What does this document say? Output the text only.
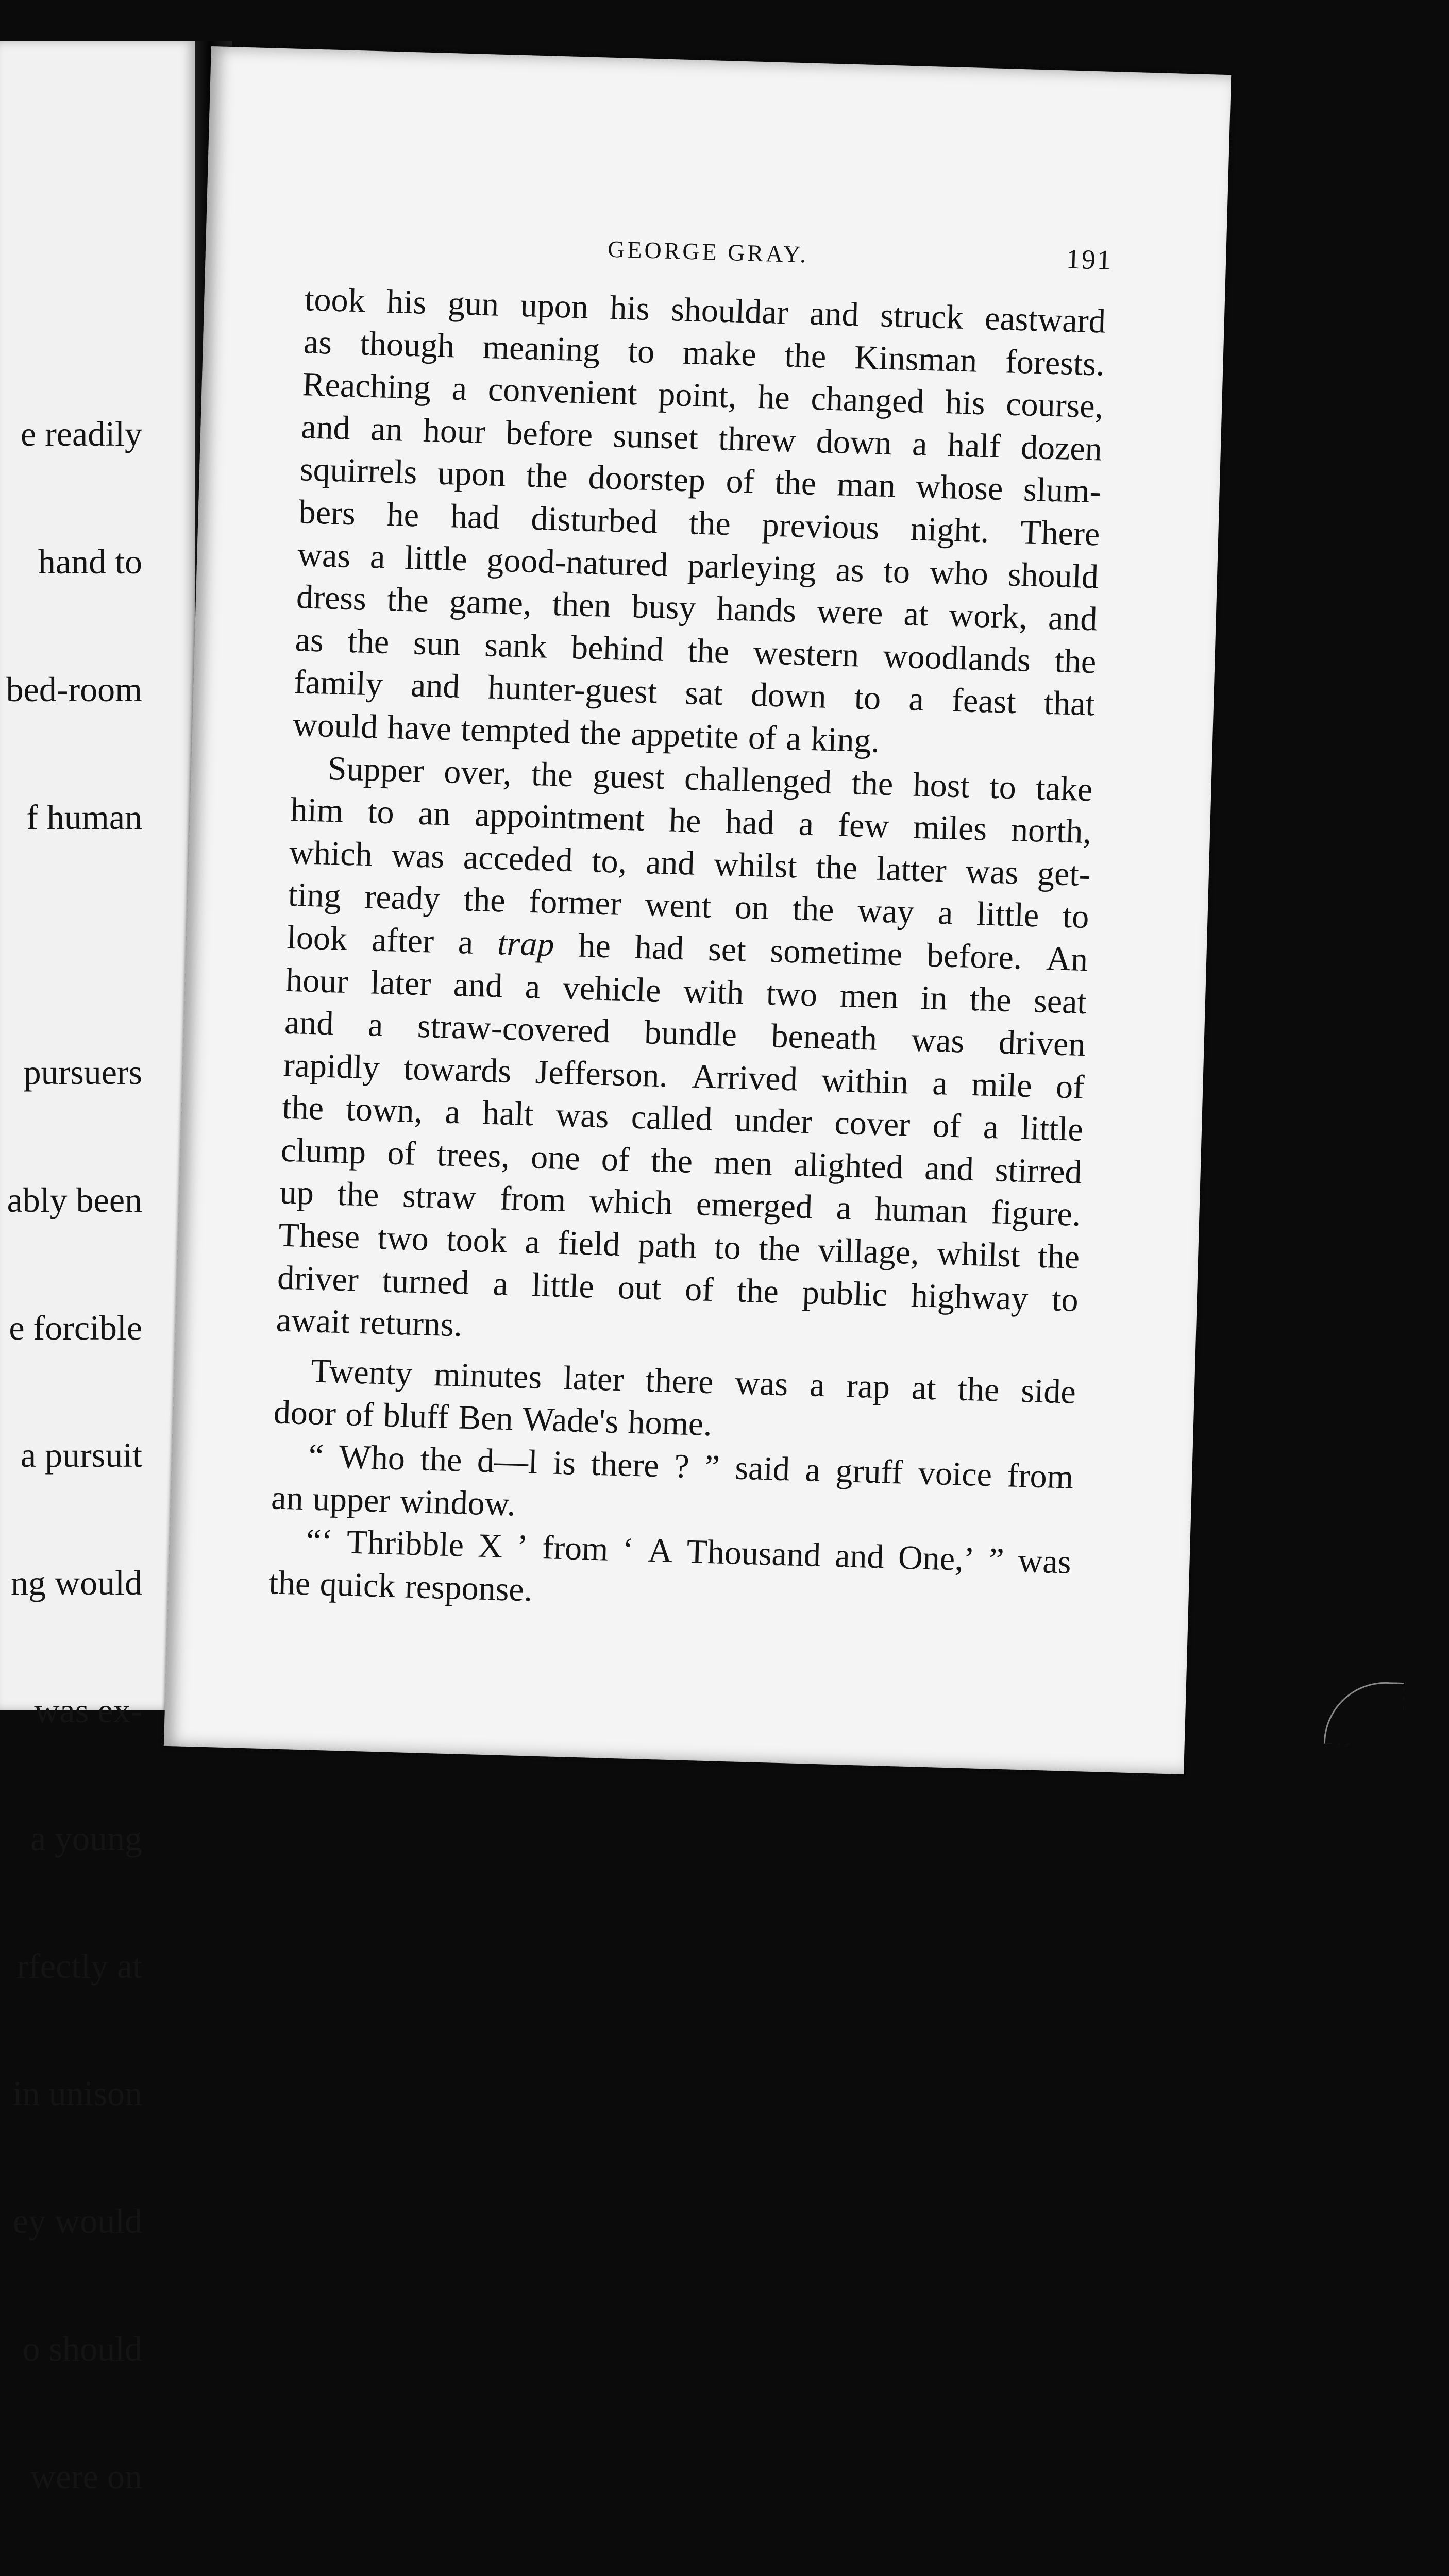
e readily

hand to

bed-room

f human

pursuers

ably been

e forcible

a pursuit

ng would

was ex-

a young

rfectly at

in unison

ey would

o should

were on

GEORGE GRAY.	191
took his gun upon his shouldar and struck eastward
as though meaning to make the Kinsman forests.
Reaching a convenient point, he changed his course,
and an hour before sunset threw down a half dozen
squirrels upon the doorstep of the man whose slum-
bers he had disturbed the previous night. There
was a little good-natured parleying as to who should
dress the game, then busy hands were at work, and
as the sun sank behind the western woodlands the
family and hunter-guest sat down to a feast that
would have tempted the appetite of a king.
Supper over, the guest challenged the host to take
him to an appointment he had a few miles north,
which was acceded to, and whilst the latter was get-
ting ready the former went on the way a little to
look after a trap he had set sometime before. An
hour later and a vehicle with two men in the seat
and a straw-covered bundle beneath was driven
rapidly towards Jefferson. Arrived within a mile of
the town, a halt was called under cover of a little
clump of trees, one of the men alighted and stirred
up the straw from which emerged a human figure.
These two took a field path to the village, whilst the
driver turned a little out of the public highway to
await returns.
Twenty minutes later there was a rap at the side
door of bluff Ben Wade's home.
“ Who the d—l is there ? ” said a gruff voice from
an upper window.
“‘ Thribble X ’ from ‘ A Thousand and One,’ ” was
the quick response.
